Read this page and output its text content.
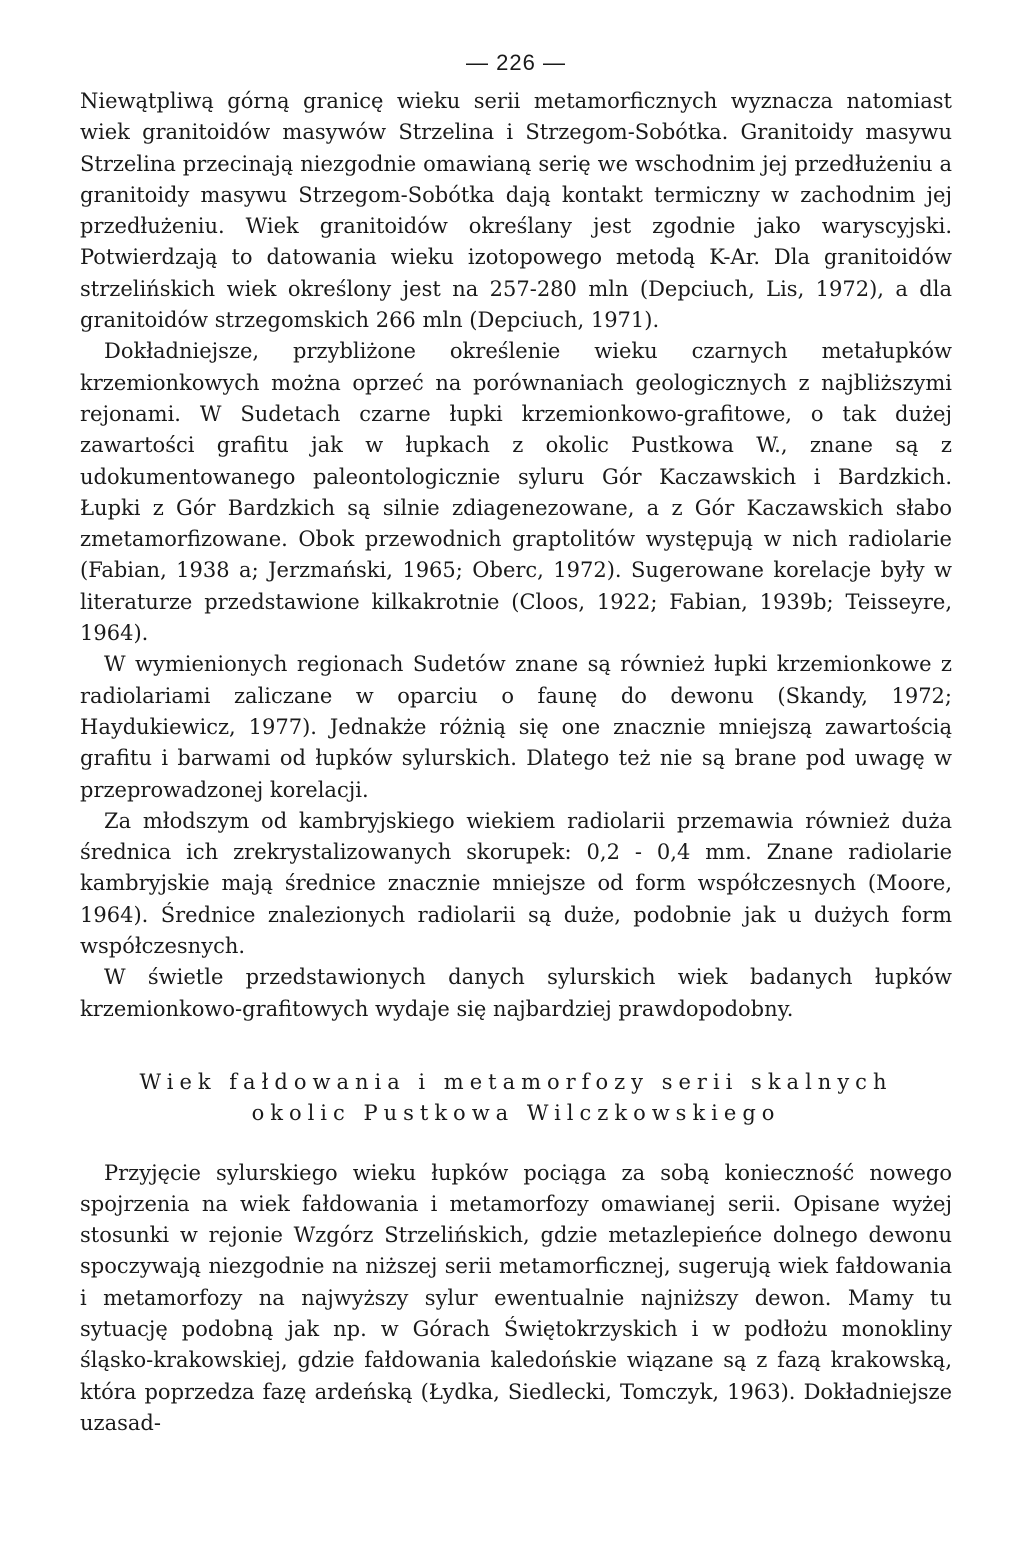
— 226 —

Niewątpliwą górną granicę wieku serii metamorficznych wyznacza natomiast wiek granitoidów masywów Strzelina i Strzegom-Sobótka. Granitoidy masywu Strzelina przecinają niezgodnie omawianą serię we wschodnim jej przedłużeniu a granitoidy masywu Strzegom-Sobótka dają kontakt termiczny w zachodnim jej przedłużeniu. Wiek granitoidów określany jest zgodnie jako waryscyjski. Potwierdzają to datowania wieku izotopowego metodą K-Ar. Dla granitoidów strzelińskich wiek określony jest na 257-280 mln (Depciuch, Lis, 1972), a dla granitoidów strzegomskich 266 mln (Depciuch, 1971).

Dokładniejsze, przybliżone określenie wieku czarnych metałupków krzemionkowych można oprzeć na porównaniach geologicznych z najbliższymi rejonami. W Sudetach czarne łupki krzemionkowo-grafitowe, o tak dużej zawartości grafitu jak w łupkach z okolic Pustkowa W., znane są z udokumentowanego paleontologicznie syluru Gór Kaczawskich i Bardzkich. Łupki z Gór Bardzkich są silnie zdiagenezowane, a z Gór Kaczawskich słabo zmetamorfizowane. Obok przewodnich graptolitów występują w nich radiolarie (Fabian, 1938 a; Jerzmański, 1965; Oberc, 1972). Sugerowane korelacje były w literaturze przedstawione kilkakrotnie (Cloos, 1922; Fabian, 1939b; Teisseyre, 1964).

W wymienionych regionach Sudetów znane są również łupki krzemionkowe z radiolariami zaliczane w oparciu o faunę do dewonu (Skandy, 1972; Haydukiewicz, 1977). Jednakże różnią się one znacznie mniejszą zawartością grafitu i barwami od łupków sylurskich. Dlatego też nie są brane pod uwagę w przeprowadzonej korelacji.

Za młodszym od kambryjskiego wiekiem radiolarii przemawia również duża średnica ich zrekrystalizowanych skorupek: 0,2 - 0,4 mm. Znane radiolarie kambryjskie mają średnice znacznie mniejsze od form współczesnych (Moore, 1964). Średnice znalezionych radiolarii są duże, podobnie jak u dużych form współczesnych.

W świetle przedstawionych danych sylurskich wiek badanych łupków krzemionkowo-grafitowych wydaje się najbardziej prawdopodobny.

Wiek fałdowania i metamorfozy serii skalnych
okolic Pustkowa Wilczkowskiego

Przyjęcie sylurskiego wieku łupków pociąga za sobą konieczność nowego spojrzenia na wiek fałdowania i metamorfozy omawianej serii. Opisane wyżej stosunki w rejonie Wzgórz Strzelińskich, gdzie metazlepieńce dolnego dewonu spoczywają niezgodnie na niższej serii metamorficznej, sugerują wiek fałdowania i metamorfozy na najwyższy sylur ewentualnie najniższy dewon. Mamy tu sytuację podobną jak np. w Górach Świętokrzyskich i w podłożu monokliny śląsko-krakowskiej, gdzie fałdowania kaledońskie wiązane są z fazą krakowską, która poprzedza fazę ardeńską (Łydka, Siedlecki, Tomczyk, 1963). Dokładniejsze uzasad-
